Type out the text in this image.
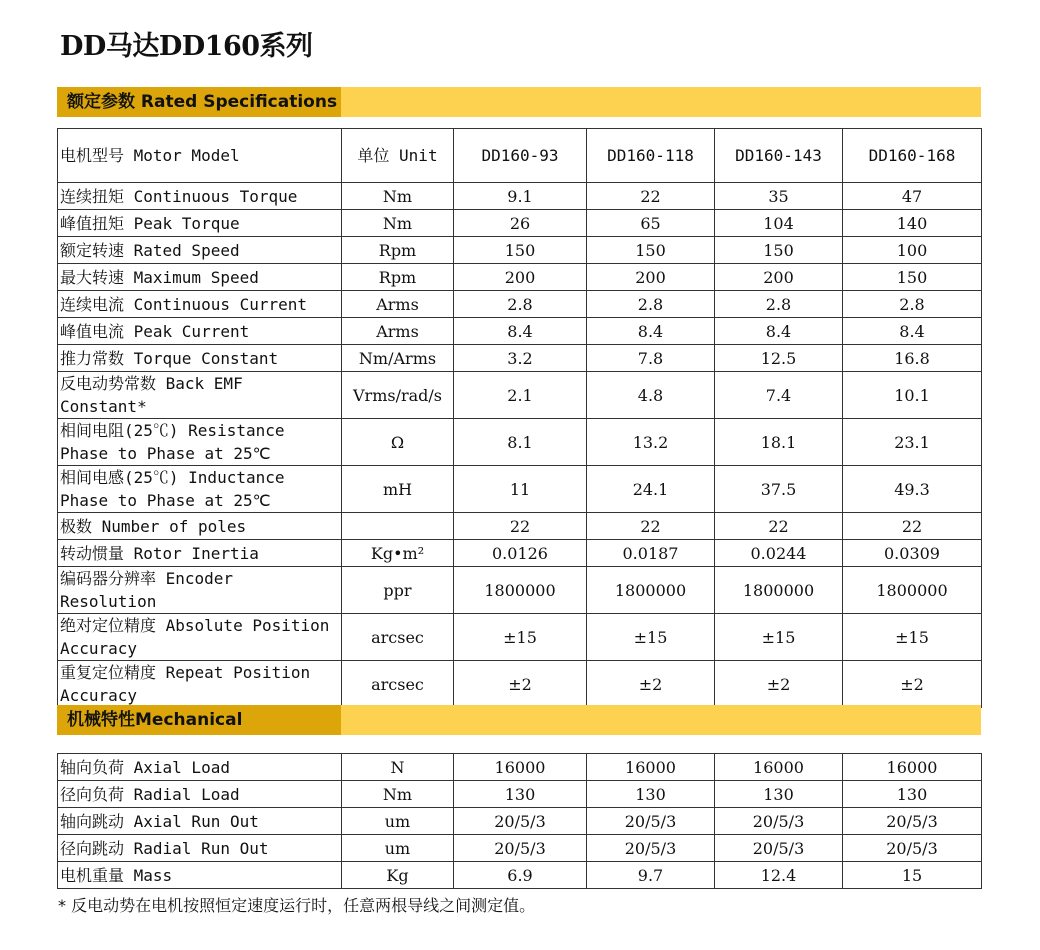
DD马达DD160系列
额定参数 Rated Specifications
电机型号 Motor Model	单位 Unit	DD160-93	DD160-118	DD160-143	DD160-168
连续扭矩 Continuous Torque	Nm	9.1	22	35	47
峰值扭矩 Peak Torque	Nm	26	65	104	140
额定转速 Rated Speed	Rpm	150	150	150	100
最大转速 Maximum Speed	Rpm	200	200	200	150
连续电流 Continuous Current	Arms	2.8	2.8	2.8	2.8
峰值电流 Peak Current	Arms	8.4	8.4	8.4	8.4
推力常数 Torque Constant	Nm/Arms	3.2	7.8	12.5	16.8
反电动势常数 Back EMF Constant*	Vrms/rad/s	2.1	4.8	7.4	10.1
相间电阻(25℃) Resistance Phase to Phase at 25℃	Ω	8.1	13.2	18.1	23.1
相间电感(25℃) Inductance Phase to Phase at 25℃	mH	11	24.1	37.5	49.3
极数 Number of poles		22	22	22	22
转动惯量 Rotor Inertia	Kg•m²	0.0126	0.0187	0.0244	0.0309
编码器分辨率 Encoder Resolution	ppr	1800000	1800000	1800000	1800000
绝对定位精度 Absolute Position Accuracy	arcsec	±15	±15	±15	±15
重复定位精度 Repeat Position Accuracy	arcsec	±2	±2	±2	±2
机械特性Mechanical
轴向负荷 Axial Load	N	16000	16000	16000	16000
径向负荷 Radial Load	Nm	130	130	130	130
轴向跳动 Axial Run Out	um	20/5/3	20/5/3	20/5/3	20/5/3
径向跳动 Radial Run Out	um	20/5/3	20/5/3	20/5/3	20/5/3
电机重量 Mass	Kg	6.9	9.7	12.4	15
* 反电动势在电机按照恒定速度运行时，任意两根导线之间测定值。
